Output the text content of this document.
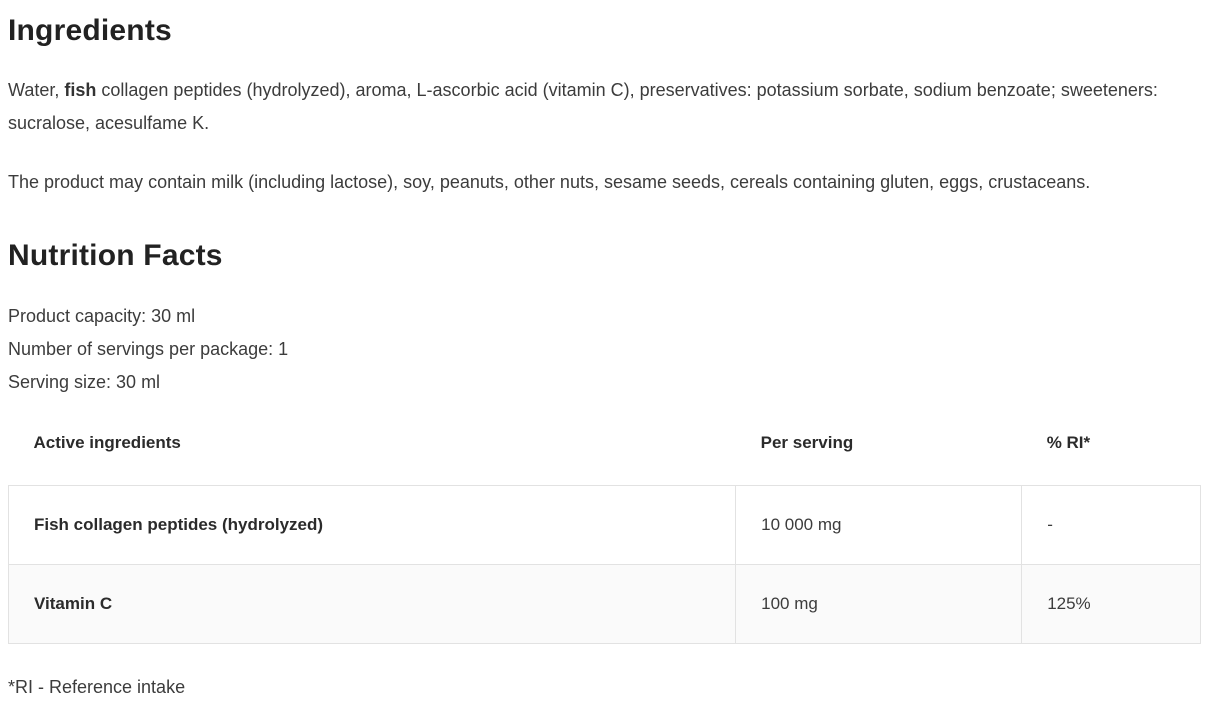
Ingredients

Water, fish collagen peptides (hydrolyzed), aroma, L-ascorbic acid (vitamin C), preservatives: potassium sorbate, sodium benzoate; sweeteners: sucralose, acesulfame K.

The product may contain milk (including lactose), soy, peanuts, other nuts, sesame seeds, cereals containing gluten, eggs, crustaceans.

Nutrition Facts
Product capacity: 30 ml
Number of servings per package: 1
Serving size: 30 ml
Active ingredients	Per serving	% RI*
Fish collagen peptides (hydrolyzed)	10 000 mg	-
Vitamin C	100 mg	125%

*RI - Reference intake
